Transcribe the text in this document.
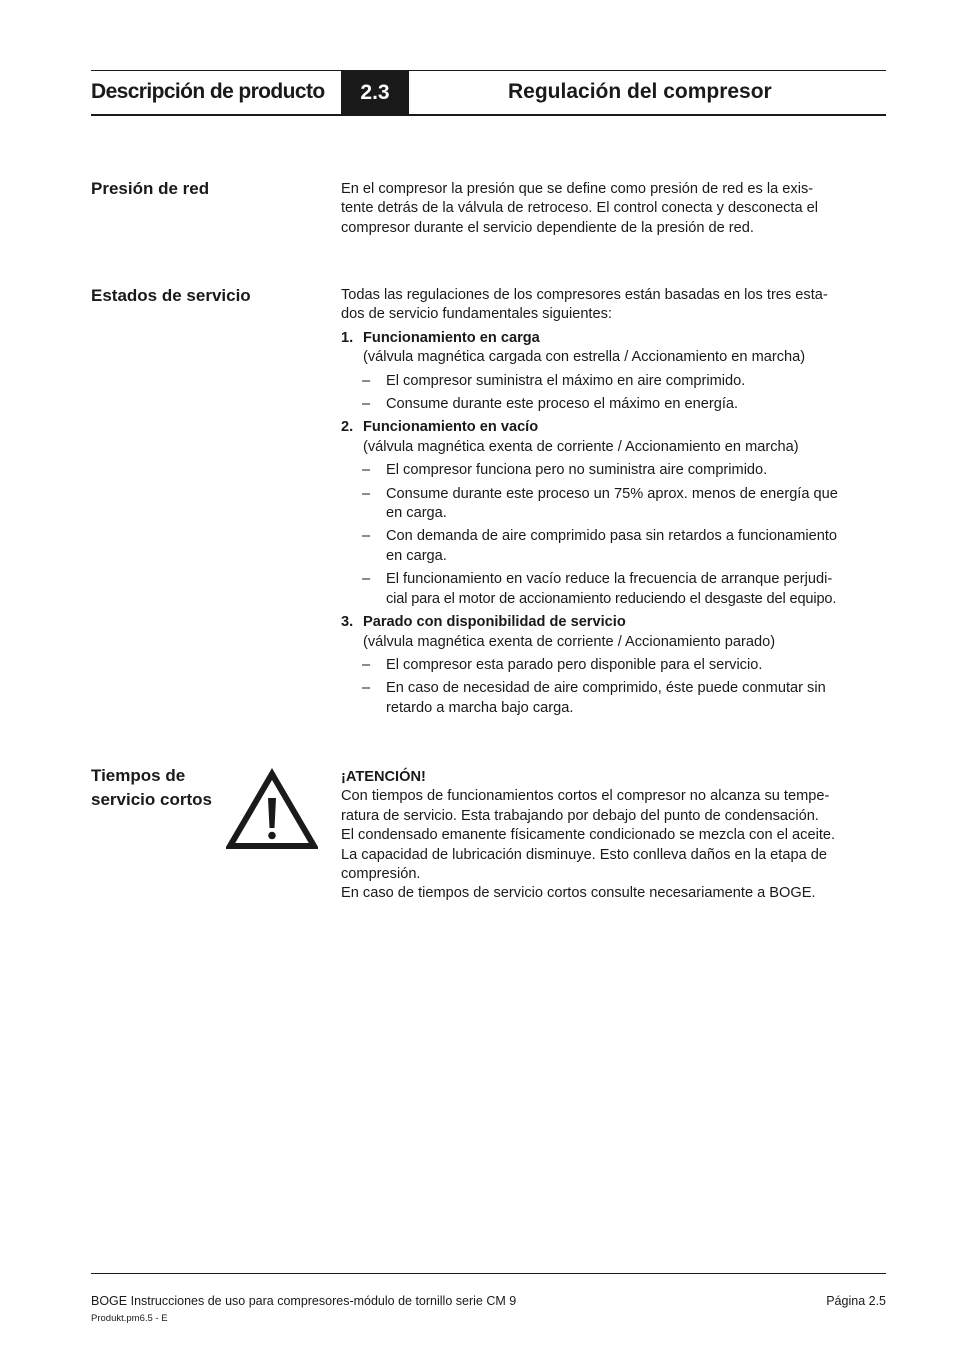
Descripción de producto	2.3	Regulación del compresor
Presión de red	En el compresor la presión que se define como presión de red es la exis-

tente detrás de la válvula de retroceso. El control conecta y desconecta el

compresor durante el servicio dependiente de la presión de red.

Estados de servicio	Todas las regulaciones de los compresores están basadas en los tres esta-

dos de servicio fundamentales siguientes:

1. Funcionamiento en carga
(válvula magnética cargada con estrella / Accionamiento en marcha)
– El compresor suministra el máximo en aire comprimido.
– Consume durante este proceso el máximo en energía.
2. Funcionamiento en vacío
(válvula magnética exenta de corriente / Accionamiento en marcha)
– El compresor funciona pero no suministra aire comprimido.
– Consume durante este proceso un 75% aprox. menos de energía que
en carga.
– Con demanda de aire comprimido pasa sin retardos a funcionamiento
en carga.
– El funcionamiento en vacío reduce la frecuencia de arranque perjudi-
cial para el motor de accionamiento reduciendo el desgaste del equipo.
3. Parado con disponibilidad de servicio
(válvula magnética exenta de corriente / Accionamiento parado)
– El compresor esta parado pero disponible para el servicio.
– En caso de necesidad de aire comprimido, éste puede conmutar sin
retardo a marcha bajo carga.
Tiempos de
servicio cortos

¡ATENCIÓN!

Con tiempos de funcionamientos cortos el compresor no alcanza su tempe-

ratura de servicio. Esta trabajando por debajo del punto de condensación.

El condensado emanente físicamente condicionado se mezcla con el aceite.

La capacidad de lubricación disminuye. Esto conlleva daños en la etapa de

compresión.

En caso de tiempos de servicio cortos consulte necesariamente a BOGE.

BOGE Instrucciones de uso para compresores-módulo de tornillo serie CM 9	Página 2.5
Produkt.pm6.5 - E
